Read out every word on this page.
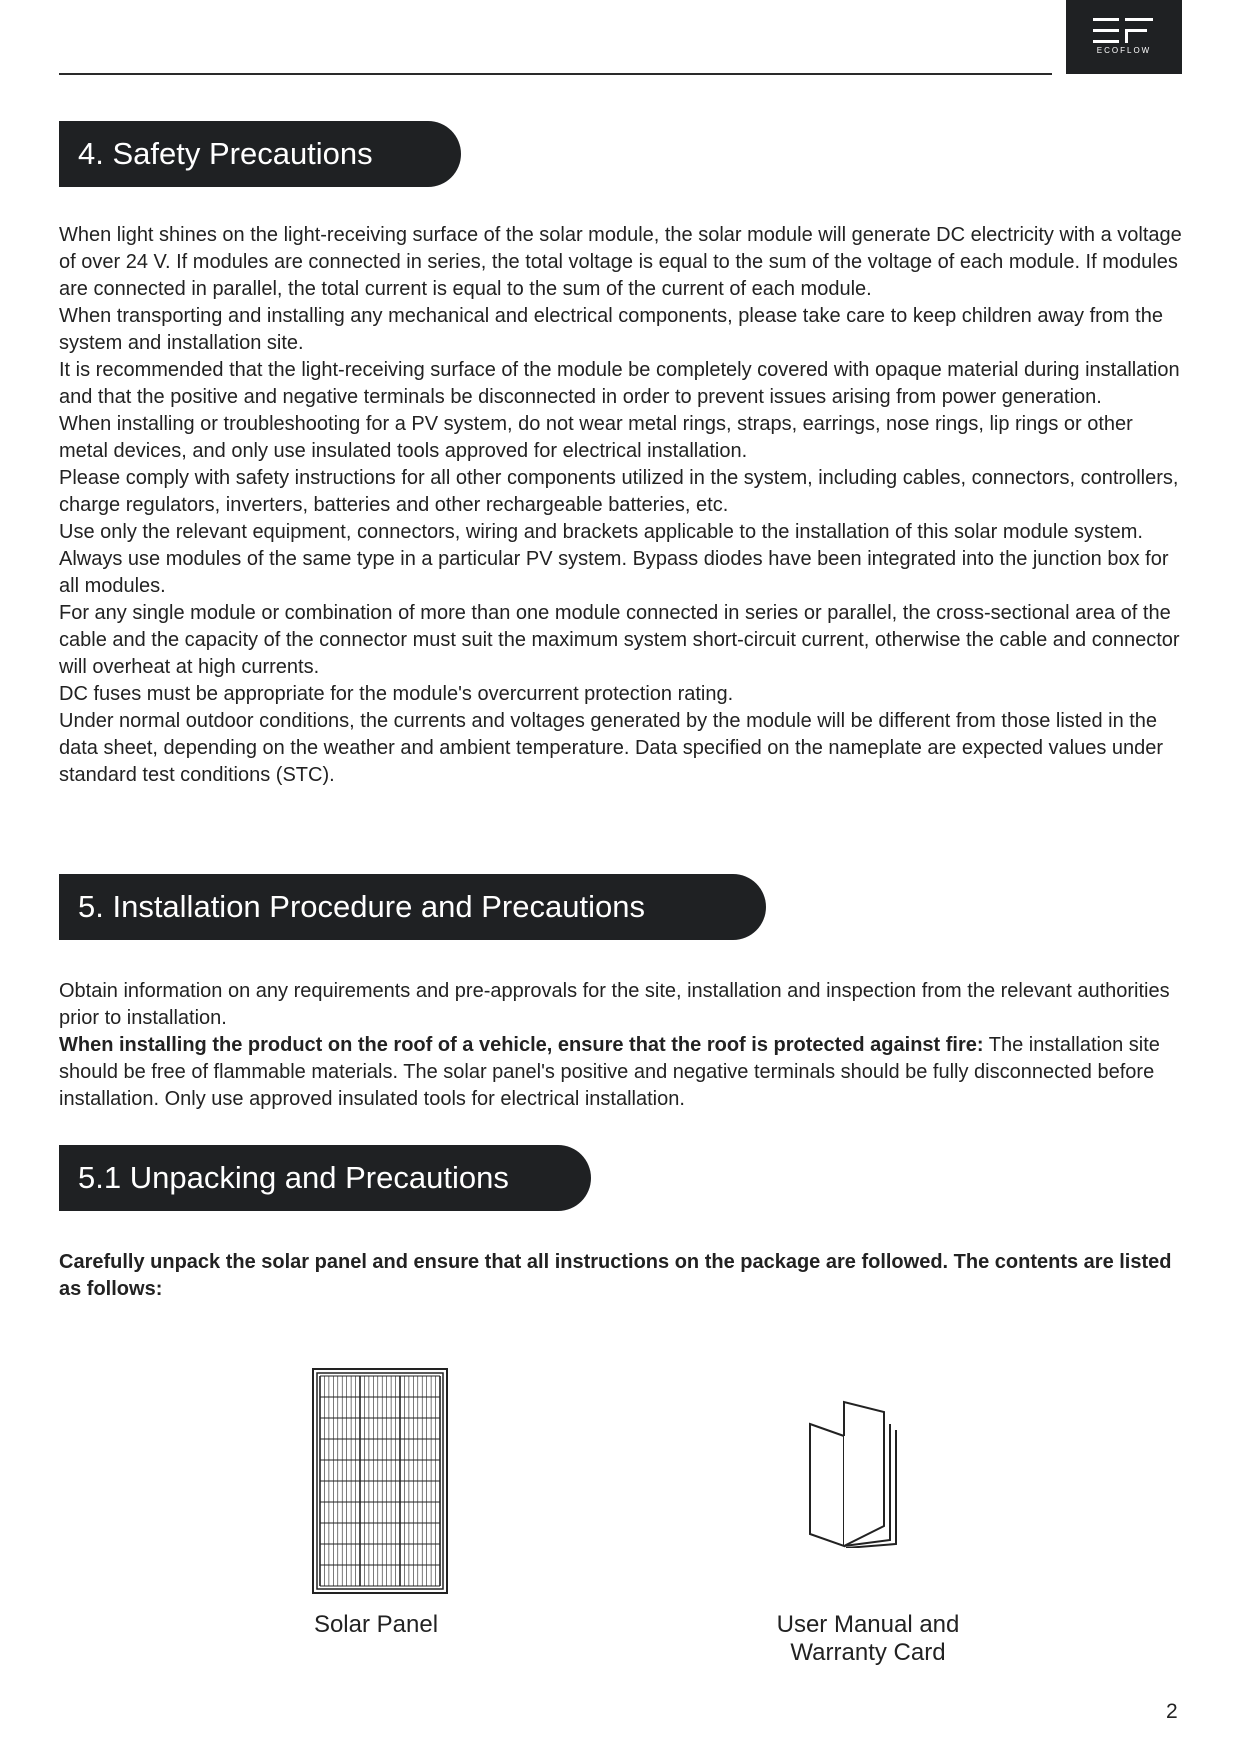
ECOFLOW
4. Safety Precautions

When light shines on the light-receiving surface of the solar module, the solar module will generate DC electricity with a voltage of over 24 V. If modules are connected in series, the total voltage is equal to the sum of the voltage of each module. If modules are connected in parallel, the total current is equal to the sum of the current of each module.

When transporting and installing any mechanical and electrical components, please take care to keep children away from the system and installation site.

It is recommended that the light-receiving surface of the module be completely covered with opaque material during installation and that the positive and negative terminals be disconnected in order to prevent issues arising from power generation.

When installing or troubleshooting for a PV system, do not wear metal rings, straps, earrings, nose rings, lip rings or other metal devices, and only use insulated tools approved for electrical installation.

Please comply with safety instructions for all other components utilized in the system, including cables, connectors, controllers, charge regulators, inverters, batteries and other rechargeable batteries, etc.

Use only the relevant equipment, connectors, wiring and brackets applicable to the installation of this solar module system. Always use modules of the same type in a particular PV system. Bypass diodes have been integrated into the junction box for all modules.

For any single module or combination of more than one module connected in series or parallel, the cross-sectional area of the cable and the capacity of the connector must suit the maximum system short-circuit current, otherwise the cable and connector will overheat at high currents.

DC fuses must be appropriate for the module's overcurrent protection rating.

Under normal outdoor conditions, the currents and voltages generated by the module will be different from those listed in the data sheet, depending on the weather and ambient temperature. Data specified on the nameplate are expected values under standard test conditions (STC).

5. Installation Procedure and Precautions

Obtain information on any requirements and pre-approvals for the site, installation and inspection from the relevant authorities prior to installation.

When installing the product on the roof of a vehicle, ensure that the roof is protected against fire: The installation site should be free of flammable materials. The solar panel's positive and negative terminals should be fully disconnected before installation. Only use approved insulated tools for electrical installation.

5.1 Unpacking and Precautions
Carefully unpack the solar panel and ensure that all instructions on the package are followed. The contents are listed as follows:
Solar Panel	User Manual and
Warranty Card
2
